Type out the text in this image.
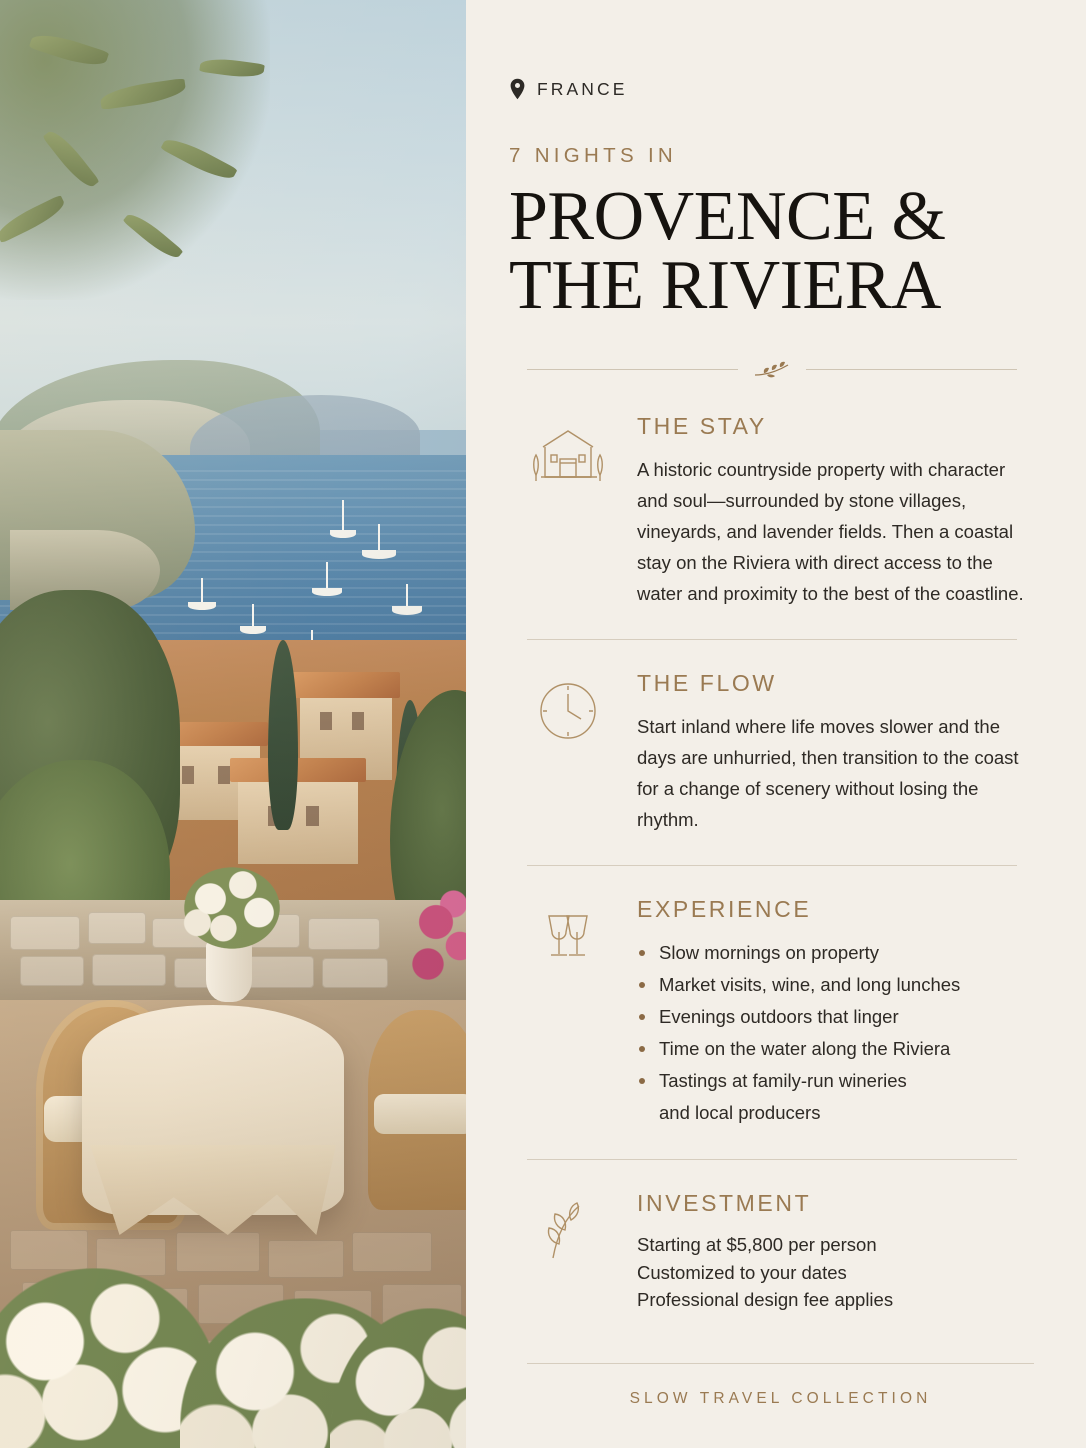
FRANCE
7 NIGHTS IN
PROVENCE &
THE RIVIERA
THE STAY

A historic countryside property with character and soul—surrounded by stone villages, vineyards, and lavender fields. Then a coastal stay on the Riviera with direct access to the water and proximity to the best of the coastline.

THE FLOW

Start inland where life moves slower and the days are unhurried, then transition to the coast for a change of scenery without losing the rhythm.

EXPERIENCE
Slow mornings on property
Market visits, wine, and long lunches
Evenings outdoors that linger
Time on the water along the Riviera
Tastings at family-run wineries
and local producers
INVESTMENT
Starting at $5,800 per person
Customized to your dates
Professional design fee applies
SLOW TRAVEL COLLECTION
